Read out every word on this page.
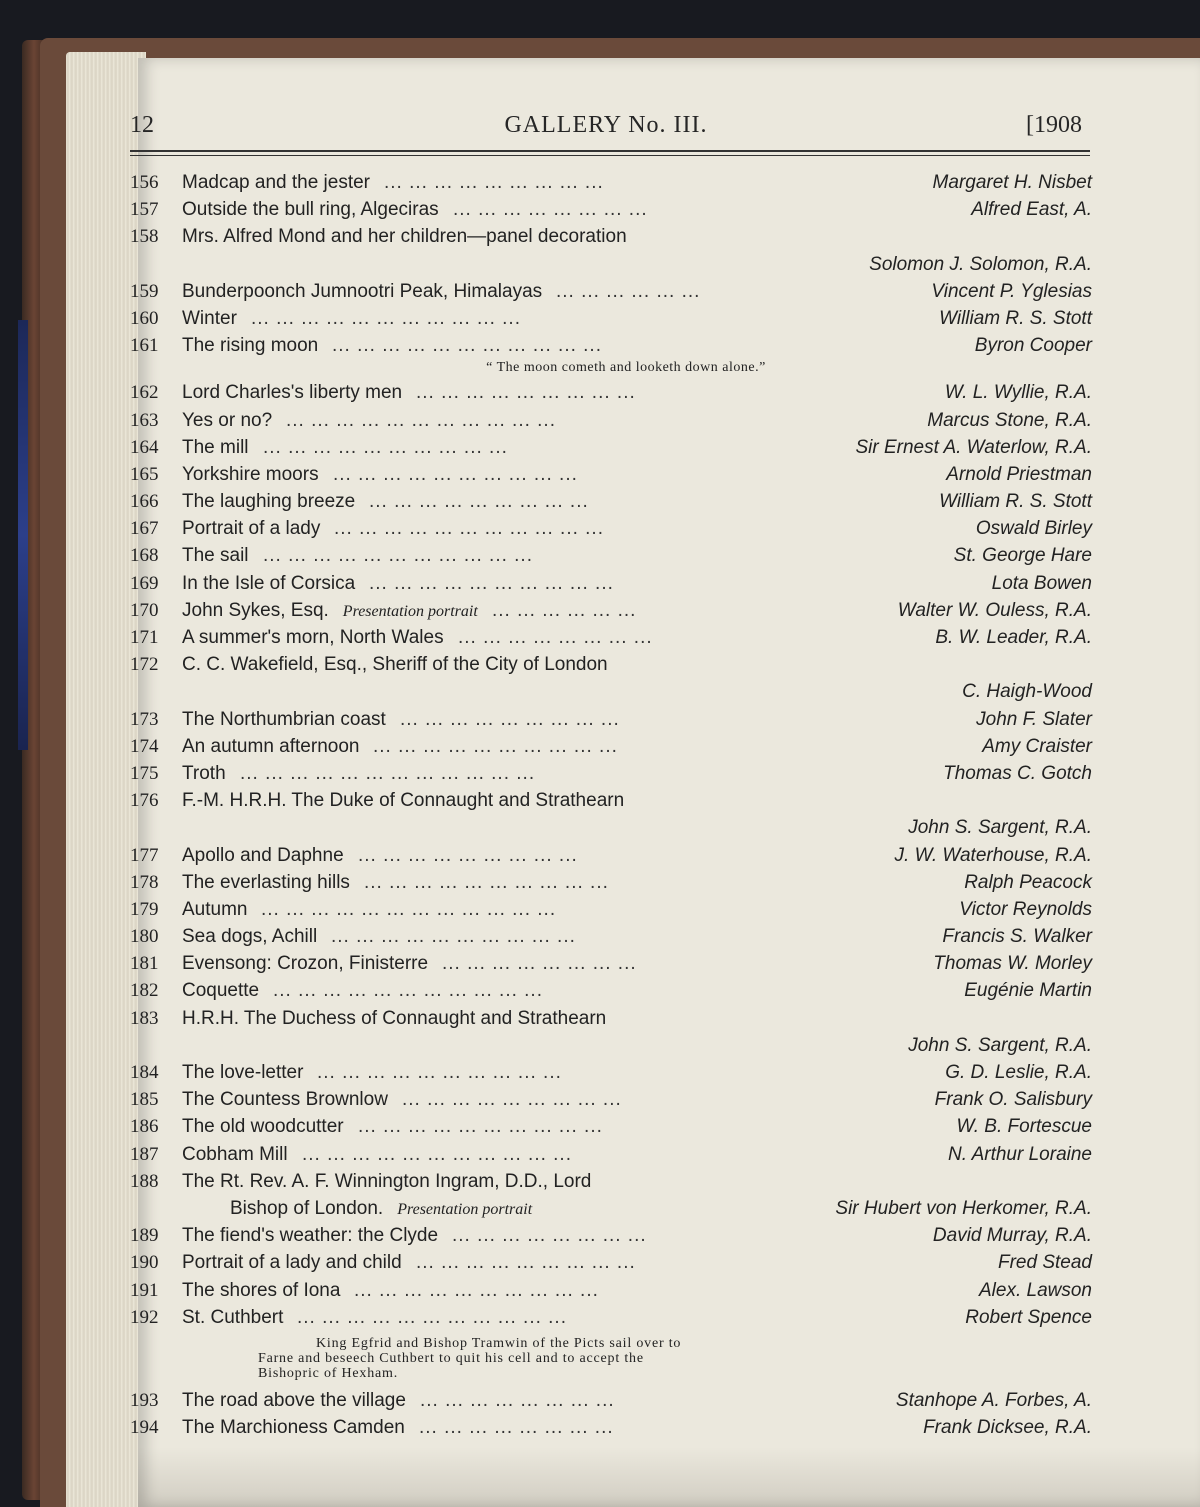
12	GALLERY No. III.	[1908
156 Madcap and the jester	Margaret H. Nisbet
... ... ... ... ... ... ... ... ...
157 Outside the bull ring, Algeciras	Alfred East, A.
... ... ... ... ... ... ... ...
158 Mrs. Alfred Mond and her children—panel decoration
Solomon J. Solomon, R.A.
159 Bunderpoonch Jumnootri Peak, Himalayas	Vincent P. Yglesias
... ... ... ... ... ...
160 Winter	William R. S. Stott
... ... ... ... ... ... ... ... ... ... ...
161 The rising moon	Byron Cooper
... ... ... ... ... ... ... ... ... ... ...
“ The moon cometh and looketh down alone.”
162 Lord Charles's liberty men	W. L. Wyllie, R.A.
... ... ... ... ... ... ... ... ...
163 Yes or no?	Marcus Stone, R.A.
... ... ... ... ... ... ... ... ... ... ...
164 The mill	Sir Ernest A. Waterlow, R.A.
... ... ... ... ... ... ... ... ... ...
165 Yorkshire moors	Arnold Priestman
... ... ... ... ... ... ... ... ... ...
166 The laughing breeze	William R. S. Stott
... ... ... ... ... ... ... ... ...
167 Portrait of a lady	Oswald Birley
... ... ... ... ... ... ... ... ... ... ...
168 The sail	St. George Hare
... ... ... ... ... ... ... ... ... ... ...
169 In the Isle of Corsica	Lota Bowen
... ... ... ... ... ... ... ... ... ...
170 John Sykes, Esq. Presentation portrait	Walter W. Ouless, R.A.
... ... ... ... ... ...
171 A summer's morn, North Wales	B. W. Leader, R.A.
... ... ... ... ... ... ... ...
172 C. C. Wakefield, Esq., Sheriff of the City of London
C. Haigh-Wood
173 The Northumbrian coast	John F. Slater
... ... ... ... ... ... ... ... ...
174 An autumn afternoon	Amy Craister
... ... ... ... ... ... ... ... ... ...
175 Troth	Thomas C. Gotch
... ... ... ... ... ... ... ... ... ... ... ...
176 F.-M. H.R.H. The Duke of Connaught and Strathearn
John S. Sargent, R.A.
177 Apollo and Daphne	J. W. Waterhouse, R.A.
... ... ... ... ... ... ... ... ...
178 The everlasting hills	Ralph Peacock
... ... ... ... ... ... ... ... ... ...
179 Autumn	Victor Reynolds
... ... ... ... ... ... ... ... ... ... ... ...
180 Sea dogs, Achill	Francis S. Walker
... ... ... ... ... ... ... ... ... ...
181 Evensong: Crozon, Finisterre	Thomas W. Morley
... ... ... ... ... ... ... ...
182 Coquette	Eugénie Martin
... ... ... ... ... ... ... ... ... ... ...
183 H.R.H. The Duchess of Connaught and Strathearn
John S. Sargent, R.A.
184 The love-letter	G. D. Leslie, R.A.
... ... ... ... ... ... ... ... ... ...
185 The Countess Brownlow	Frank O. Salisbury
... ... ... ... ... ... ... ... ...
186 The old woodcutter	W. B. Fortescue
... ... ... ... ... ... ... ... ... ...
187 Cobham Mill	N. Arthur Loraine
... ... ... ... ... ... ... ... ... ... ...
188 The Rt. Rev. A. F. Winnington Ingram, D.D., Lord
Bishop of London. Presentation portrait	Sir Hubert von Herkomer, R.A.
189 The fiend's weather: the Clyde	David Murray, R.A.
... ... ... ... ... ... ... ...
190 Portrait of a lady and child	Fred Stead
... ... ... ... ... ... ... ... ...
191 The shores of Iona	Alex. Lawson
... ... ... ... ... ... ... ... ... ...
192 St. Cuthbert	Robert Spence
... ... ... ... ... ... ... ... ... ... ...
King Egfrid and Bishop Tramwin of the Picts sail over to
Farne and beseech Cuthbert to quit his cell and to accept the
Bishopric of Hexham.
193 The road above the village	Stanhope A. Forbes, A.
... ... ... ... ... ... ... ...
194 The Marchioness Camden	Frank Dicksee, R.A.
... ... ... ... ... ... ... ...
